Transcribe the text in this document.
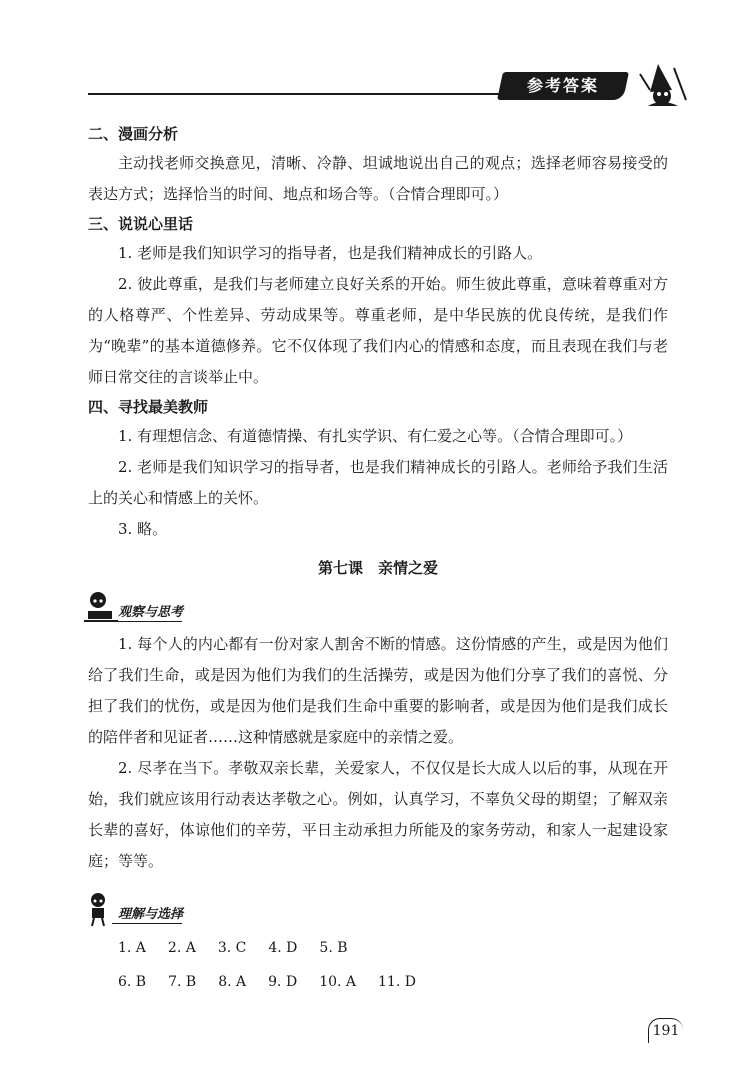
参考答案
二、漫画分析

主动找老师交换意见，清晰、冷静、坦诚地说出自己的观点；选择老师容易接受的表达方式；选择恰当的时间、地点和场合等。（合情合理即可。）

三、说说心里话

1. 老师是我们知识学习的指导者，也是我们精神成长的引路人。

2. 彼此尊重，是我们与老师建立良好关系的开始。师生彼此尊重，意味着尊重对方的人格尊严、个性差异、劳动成果等。尊重老师，是中华民族的优良传统，是我们作为“晚辈”的基本道德修养。它不仅体现了我们内心的情感和态度，而且表现在我们与老师日常交往的言谈举止中。

四、寻找最美教师

1. 有理想信念、有道德情操、有扎实学识、有仁爱之心等。（合情合理即可。）

2. 老师是我们知识学习的指导者，也是我们精神成长的引路人。老师给予我们生活上的关心和情感上的关怀。

3. 略。

第七课　亲情之爱
观察与思考

1. 每个人的内心都有一份对家人割舍不断的情感。这份情感的产生，或是因为他们给了我们生命，或是因为他们为我们的生活操劳，或是因为他们分享了我们的喜悦、分担了我们的忧伤，或是因为他们是我们生命中重要的影响者，或是因为他们是我们成长的陪伴者和见证者……这种情感就是家庭中的亲情之爱。

2. 尽孝在当下。孝敬双亲长辈，关爱家人，不仅仅是长大成人以后的事，从现在开始，我们就应该用行动表达孝敬之心。例如，认真学习，不辜负父母的期望；了解双亲长辈的喜好，体谅他们的辛劳，平日主动承担力所能及的家务劳动，和家人一起建设家庭；等等。

理解与选择
1. A 2. A 3. C 4. D 5. B
6. B 7. B 8. A 9. D 10. A 11. D
191
